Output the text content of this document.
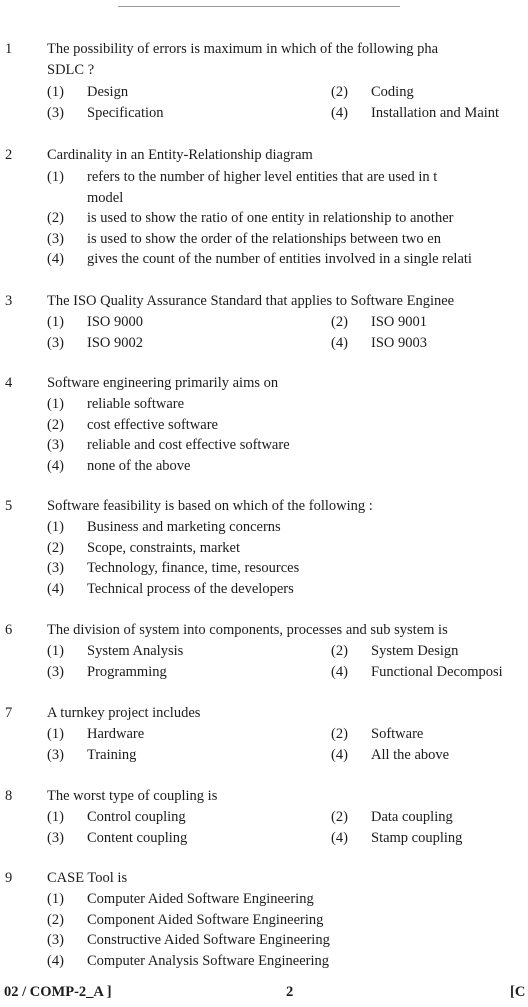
1 The possibility of errors is maximum in which of the following pha
SDLC ?
(1) Design	(2) Coding
(3) Specification	(4) Installation and Maint
2 Cardinality in an Entity-Relationship diagram
(1) refers to the number of higher level entities that are used in t
model
(2) is used to show the ratio of one entity in relationship to another
(3) is used to show the order of the relationships between two en
(4) gives the count of the number of entities involved in a single relati
3 The ISO Quality Assurance Standard that applies to Software Enginee
(1) ISO 9000	(2) ISO 9001
(3) ISO 9002	(4) ISO 9003
4 Software engineering primarily aims on
(1) reliable software
(2) cost effective software
(3) reliable and cost effective software
(4) none of the above
5 Software feasibility is based on which of the following :
(1) Business and marketing concerns
(2) Scope, constraints, market
(3) Technology, finance, time, resources
(4) Technical process of the developers
6 The division of system into components, processes and sub system is
(1) System Analysis	(2) System Design
(3) Programming	(4) Functional Decomposi
7 A turnkey project includes
(1) Hardware	(2) Software
(3) Training	(4) All the above
8 The worst type of coupling is
(1) Control coupling	(2) Data coupling
(3) Content coupling	(4) Stamp coupling
9 CASE Tool is
(1) Computer Aided Software Engineering
(2) Component Aided Software Engineering
(3) Constructive Aided Software Engineering
(4) Computer Analysis Software Engineering
02 / COMP-2_A ]	2	[C
